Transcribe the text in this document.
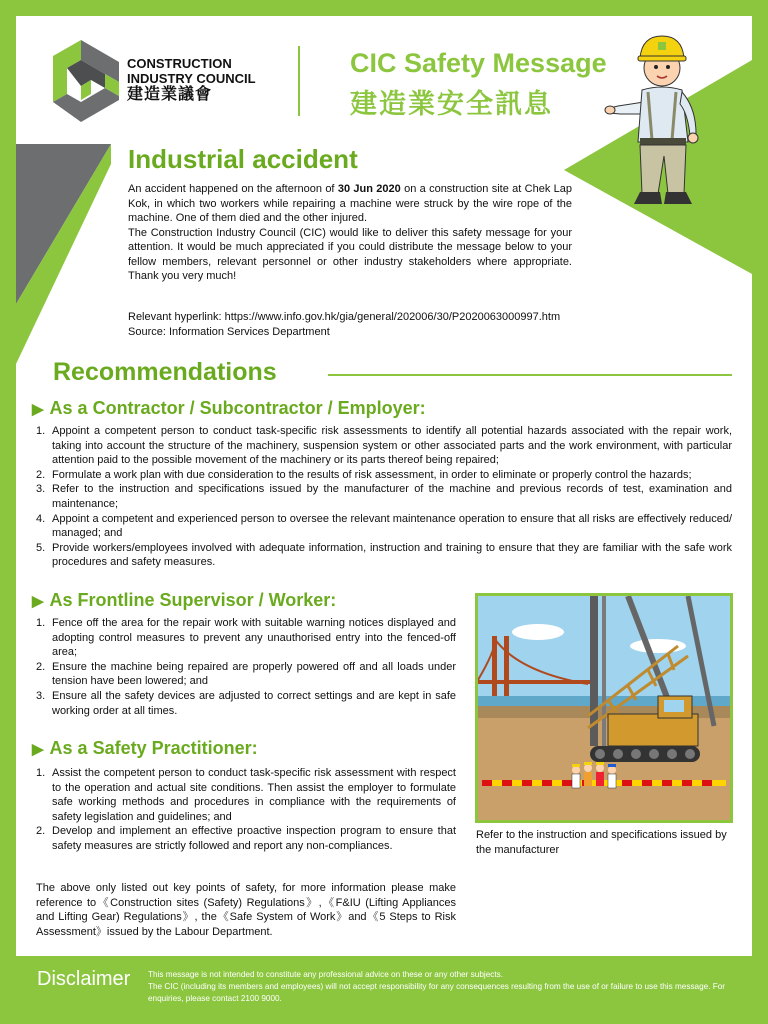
CONSTRUCTION
INDUSTRY COUNCIL
建造業議會
CIC Safety Message
建造業安全訊息
Industrial accident

An accident happened on the afternoon of 30 Jun 2020 on a construction site at Chek Lap Kok, in which two workers while repairing a machine were struck by the wire rope of the machine. One of them died and the other injured.

The Construction Industry Council (CIC) would like to deliver this safety message for your attention. It would be much appreciated if you could distribute the message below to your fellow members, relevant personnel or other industry stakeholders where appropriate. Thank you very much!

Relevant hyperlink: https://www.info.gov.hk/gia/general/202006/30/P2020063000997.htm
Source: Information Services Department
Recommendations
▶ As a Contractor / Subcontractor / Employer:
1. Appoint a competent person to conduct task-specific risk assessments to identify all potential hazards associated with the repair work, taking into account the structure of the machinery, suspension system or other associated parts and the work environment, with particular attention paid to the possible movement of the machinery or its parts thereof being repaired;
2. Formulate a work plan with due consideration to the results of risk assessment, in order to eliminate or properly control the hazards;
3. Refer to the instruction and specifications issued by the manufacturer of the machine and previous records of test, examination and maintenance;
4. Appoint a competent and experienced person to oversee the relevant maintenance operation to ensure that all risks are effectively reduced/ managed; and
5. Provide workers/employees involved with adequate information, instruction and training to ensure that they are familiar with the safe work procedures and safety measures.
▶ As Frontline Supervisor / Worker:
1. Fence off the area for the repair work with suitable warning notices displayed and adopting control measures to prevent any unauthorised entry into the fenced-off area;
2. Ensure the machine being repaired are properly powered off and all loads under tension have been lowered; and
3. Ensure all the safety devices are adjusted to correct settings and are kept in safe working order at all times.
▶ As a Safety Practitioner:
1. Assist the competent person to conduct task-specific risk assessment with respect to the operation and actual site conditions. Then assist the employer to formulate safe working methods and procedures in compliance with the requirements of safety legislation and guidelines; and
2. Develop and implement an effective proactive inspection program to ensure that safety measures are strictly followed and report any non-compliances.
Refer to the instruction and specifications issued by the manufacturer

The above only listed out key points of safety, for more information please make reference to《Construction sites (Safety) Regulations》,《F&IU (Lifting Appliances and Lifting Gear) Regulations》, the《Safe System of Work》and《5 Steps to Risk Assessment》issued by the Labour Department.

Disclaimer This message is not intended to constitute any professional advice on these or any other subjects.
The CIC (including its members and employees) will not accept responsibility for any consequences resulting from the use of or failure to use this message. For enquiries, please contact 2100 9000.
